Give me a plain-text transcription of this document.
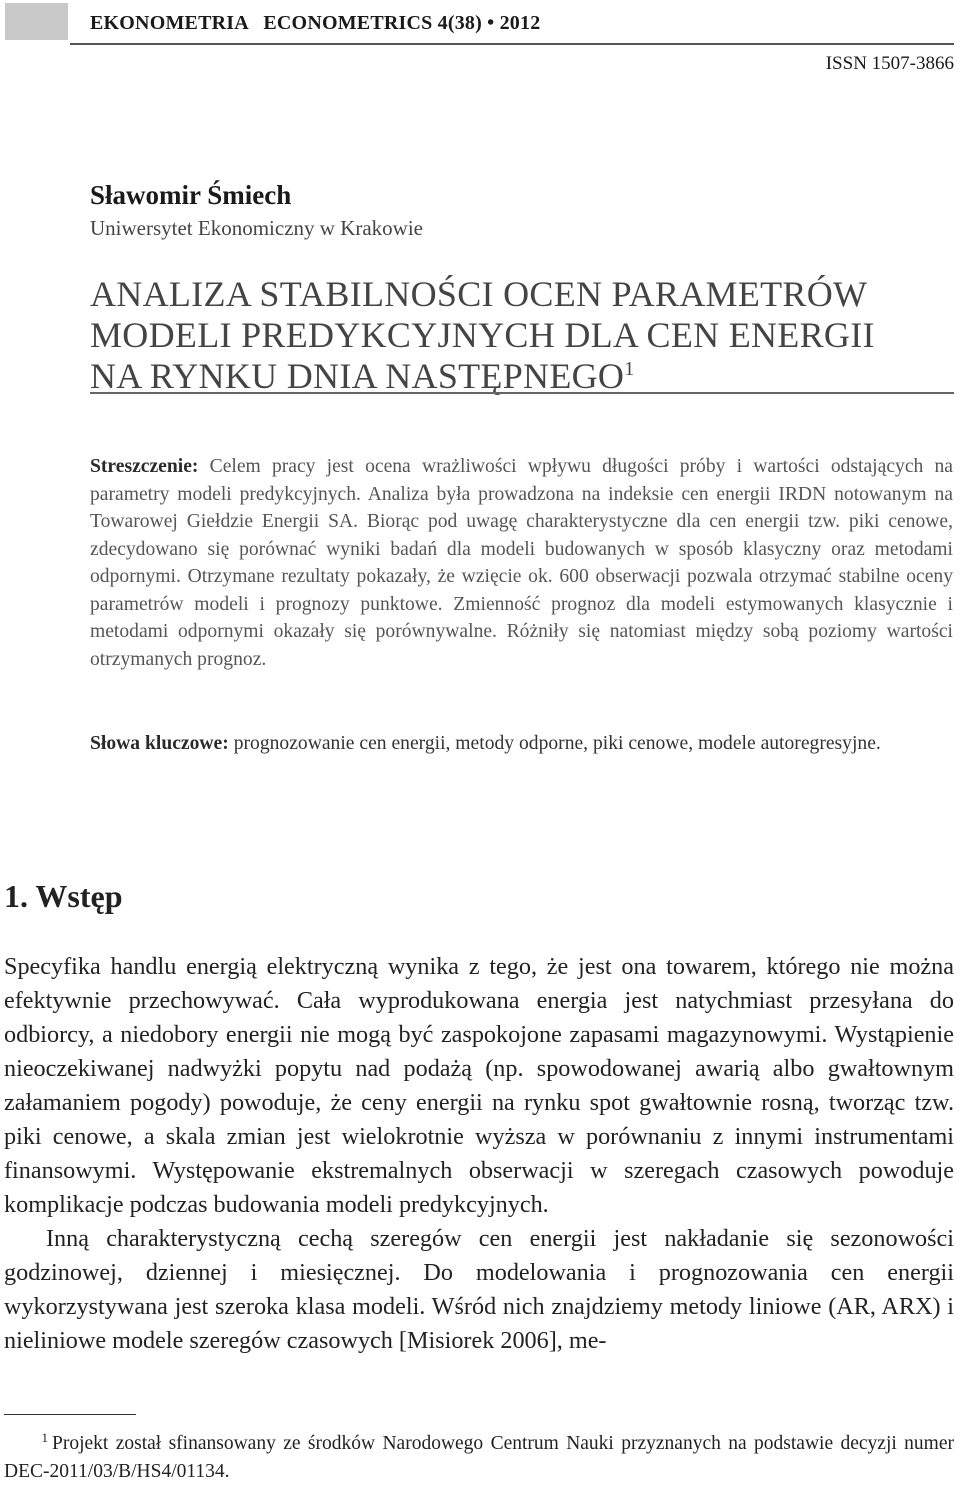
EKONOMETRIA   ECONOMETRICS 4(38) • 2012
ISSN 1507-3866
Sławomir Śmiech
Uniwersytet Ekonomiczny w Krakowie
ANALIZA STABILNOŚCI OCEN PARAMETRÓW
MODELI PREDYKCYJNYCH DLA CEN ENERGII
NA RYNKU DNIA NASTĘPNEGO$^1$
Streszczenie: Celem pracy jest ocena wrażliwości wpływu długości próby i wartości odstających na parametry modeli predykcyjnych. Analiza była prowadzona na indeksie cen energii IRDN notowanym na Towarowej Giełdzie Energii SA. Biorąc pod uwagę charakterystyczne dla cen energii tzw. piki cenowe, zdecydowano się porównać wyniki badań dla modeli budowanych w sposób klasyczny oraz metodami odpornymi. Otrzymane rezultaty pokazały, że wzięcie ok. 600 obserwacji pozwala otrzymać stabilne oceny parametrów modeli i prognozy punktowe. Zmienność prognoz dla modeli estymowanych klasycznie i metodami odpornymi okazały się porównywalne. Różniły się natomiast między sobą poziomy wartości otrzymanych prognoz.
Słowa kluczowe: prognozowanie cen energii, metody odporne, piki cenowe, modele autoregresyjne.
1. Wstęp

Specyfika handlu energią elektryczną wynika z tego, że jest ona towarem, którego nie można efektywnie przechowywać. Cała wyprodukowana energia jest natychmiast przesyłana do odbiorcy, a niedobory energii nie mogą być zaspokojone zapasami magazynowymi. Wystąpienie nieoczekiwanej nadwyżki popytu nad podażą (np. spowodowanej awarią albo gwałtownym załamaniem pogody) powoduje, że ceny energii na rynku spot gwałtownie rosną, tworząc tzw. piki cenowe, a skala zmian jest wielokrotnie wyższa w porównaniu z innymi instrumentami finansowymi. Występowanie ekstremalnych obserwacji w szeregach czasowych powoduje komplikacje podczas budowania modeli predykcyjnych.

Inną charakterystyczną cechą szeregów cen energii jest nakładanie się sezonowości godzinowej, dziennej i miesięcznej. Do modelowania i prognozowania cen energii wykorzystywana jest szeroka klasa modeli. Wśród nich znajdziemy metody liniowe (AR, ARX) i nieliniowe modele szeregów czasowych [Misiorek 2006], me-

1 Projekt został sfinansowany ze środków Narodowego Centrum Nauki przyznanych na podstawie decyzji numer DEC-2011/03/B/HS4/01134.
